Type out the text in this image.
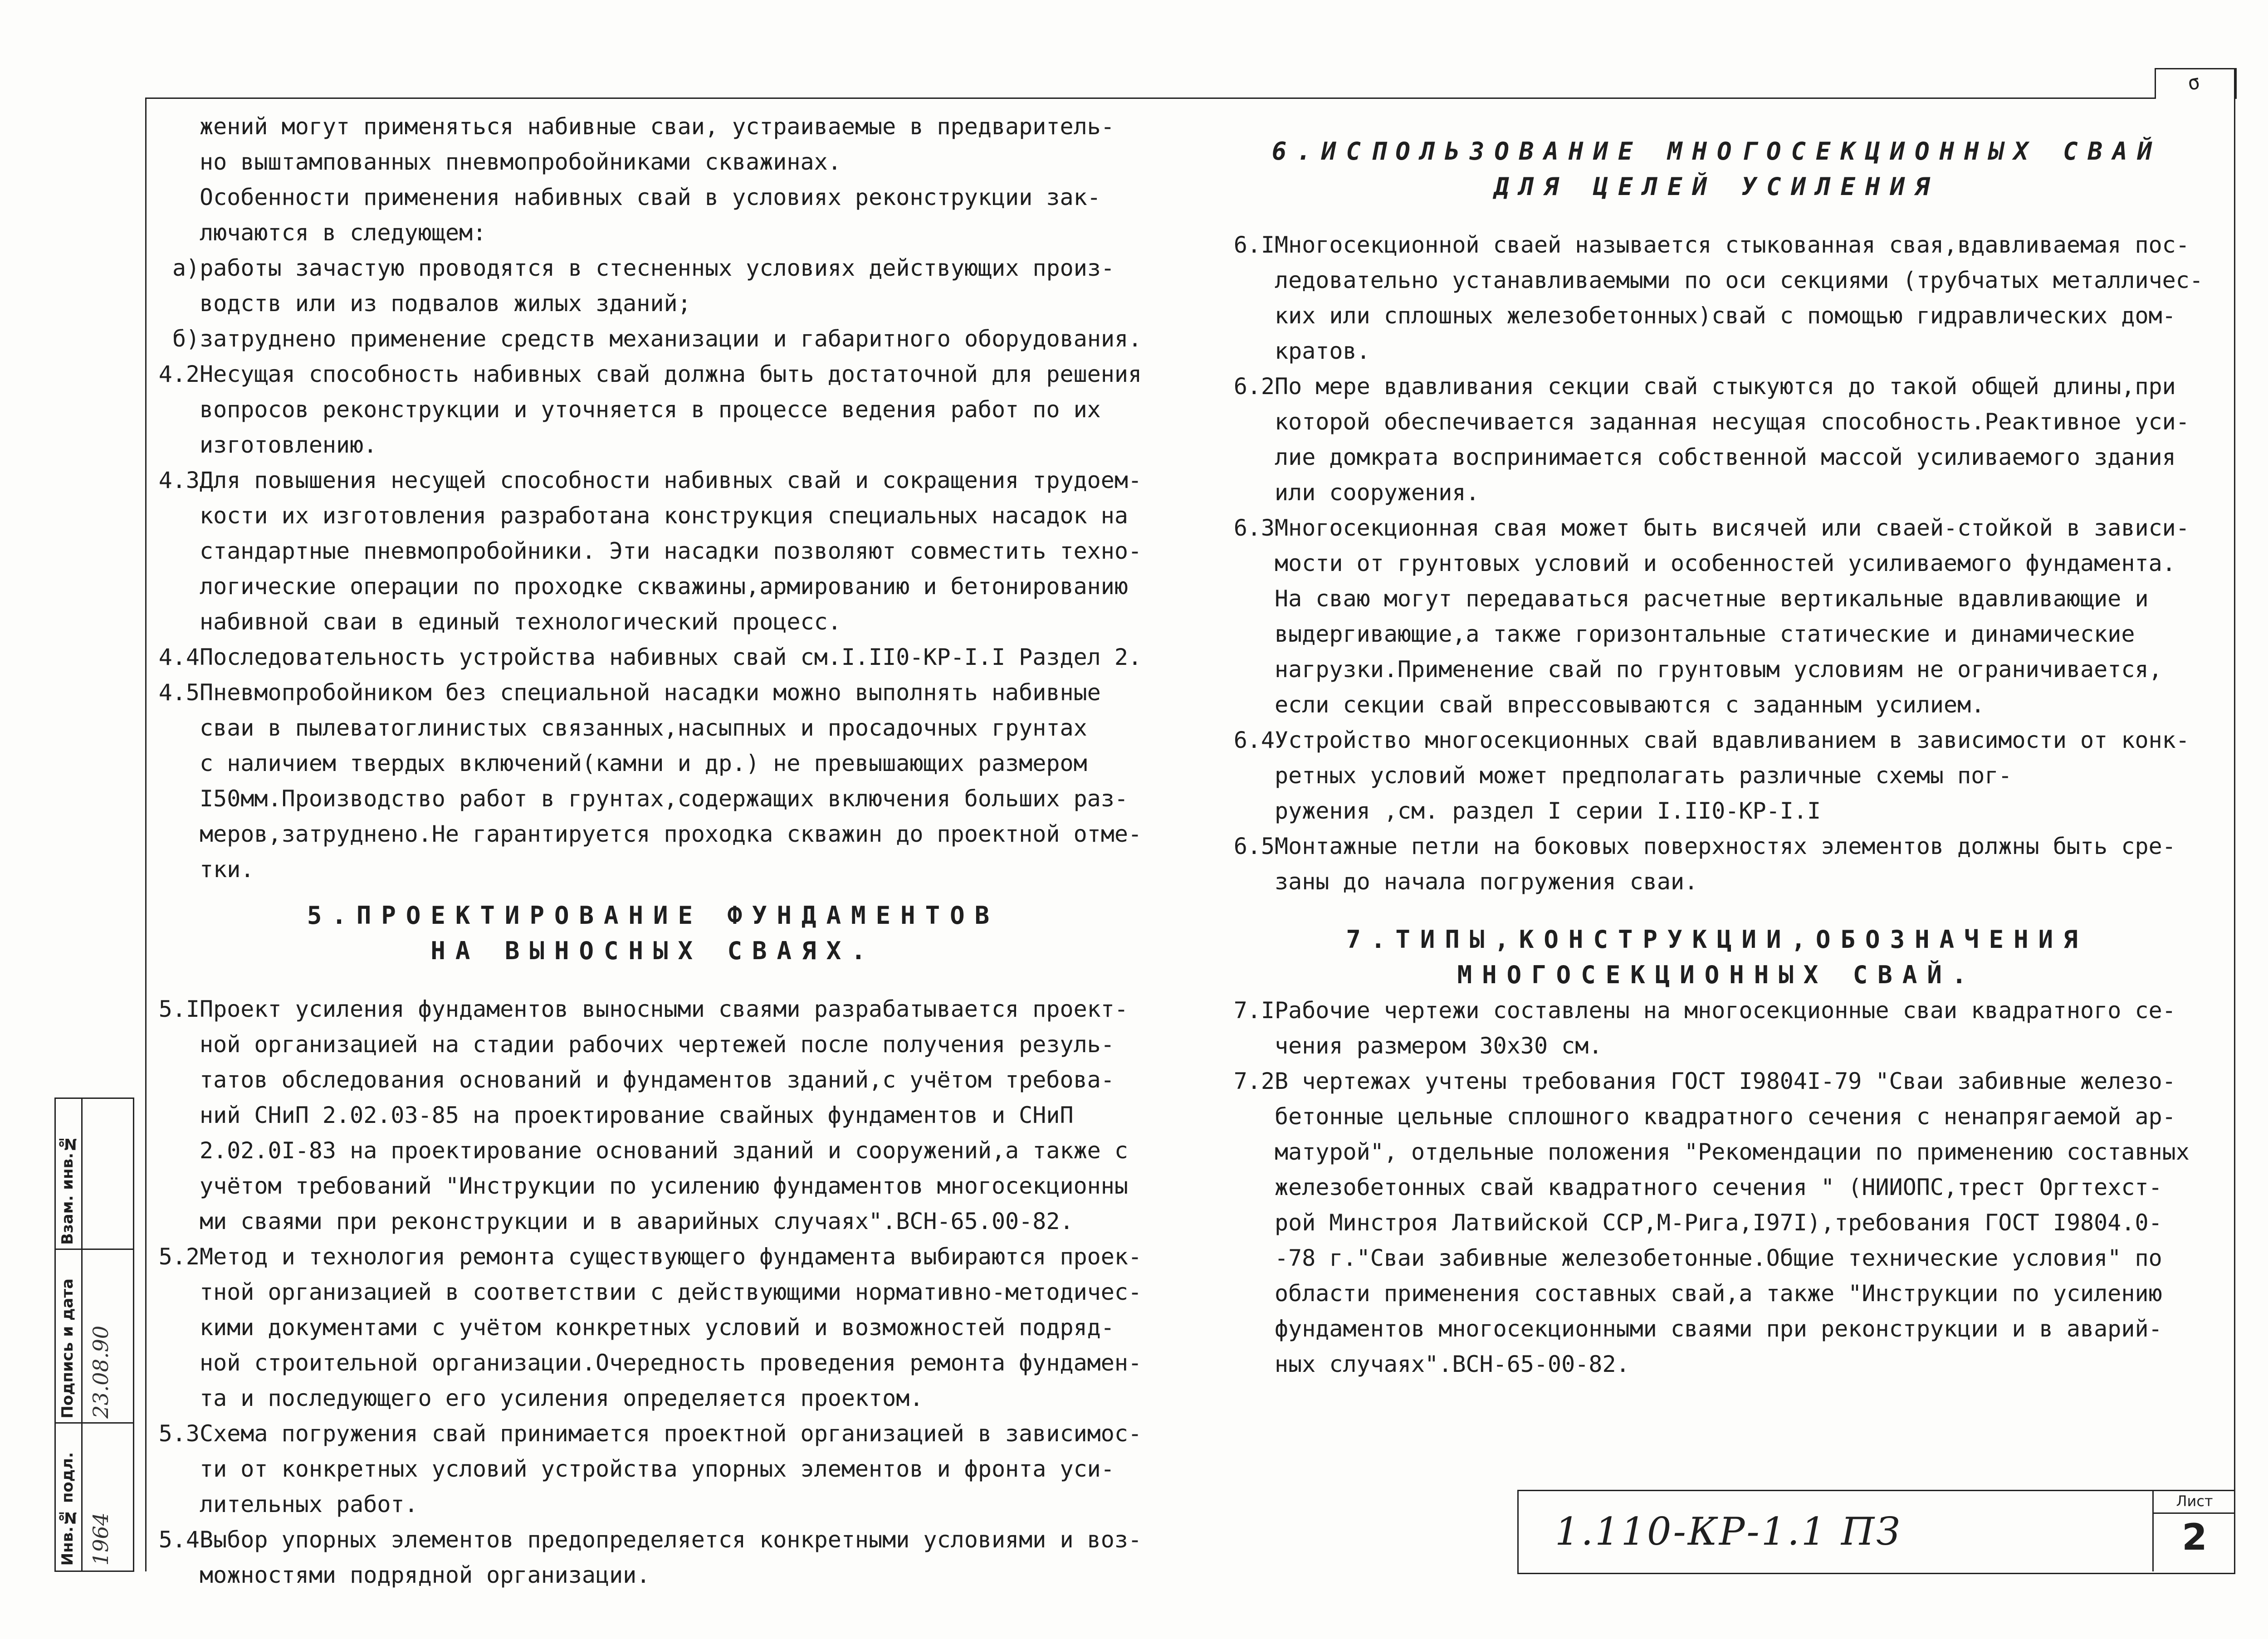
σ

жений могут применяться набивные сваи, устраиваемые в предваритель-

но выштампованных пневмопробойниками скважинах.

Особенности применения набивных свай в условиях реконструкции зак-

лючаются в следующем:

а)работы зачастую проводятся в стесненных условиях действующих произ-

водств или из подвалов жилых зданий;

б)затруднено применение средств механизации и габаритного оборудования.

4.2 Несущая способность набивных свай должна быть достаточной для решения

вопросов реконструкции и уточняется в процессе ведения работ по их

изготовлению.

4.3 Для повышения несущей способности набивных свай и сокращения трудоем-

кости их изготовления разработана конструкция специальных насадок на

стандартные пневмопробойники. Эти насадки позволяют совместить техно-

логические операции по проходке скважины,армированию и бетонированию

набивной сваи в единый технологический процесс.

4.4 Последовательность устройства набивных свай см.I.II0-КР-I.I Раздел 2.

4.5 Пневмопробойником без специальной насадки можно выполнять набивные

сваи в пылеватоглинистых связанных,насыпных и просадочных грунтах

с наличием твердых включений(камни и др.) не превышающих размером

I50мм.Производство работ в грунтах,содержащих включения больших раз-

меров,затруднено.Не гарантируется проходка скважин до проектной отме-

тки.

5.ПРОЕКТИРОВАНИЕ ФУНДАМЕНТОВ

НА ВЫНОСНЫХ СВАЯХ.

5.I Проект усиления фундаментов выносными сваями разрабатывается проект-

ной организацией на стадии рабочих чертежей после получения резуль-

татов обследования оснований и фундаментов зданий,с учётом требова-

ний СНиП 2.02.03-85 на проектирование свайных фундаментов и СНиП

2.02.0I-83 на проектирование оснований зданий и сооружений,а также с

учётом требований "Инструкции по усилению фундаментов многосекционны

ми сваями при реконструкции и в аварийных случаях".ВСН-65.00-82.

5.2 Метод и технология ремонта существующего фундамента выбираются проек-

тной организацией в соответствии с действующими нормативно-методичес-

кими документами с учётом конкретных условий и возможностей подряд-

ной строительной организации.Очередность проведения ремонта фундамен-

та и последующего его усиления определяется проектом.

5.3 Схема погружения свай принимается проектной организацией в зависимос-

ти от конкретных условий устройства упорных элементов и фронта уси-

лительных работ.

5.4 Выбор упорных элементов предопределяется конкретными условиями и воз-

можностями подрядной организации.

6.ИСПОЛЬЗОВАНИЕ МНОГОСЕКЦИОННЫХ СВАЙ

ДЛЯ ЦЕЛЕЙ УСИЛЕНИЯ

6.I Многосекционной сваей называется стыкованная свая,вдавливаемая пос-

ледовательно устанавливаемыми по оси секциями (трубчатых металличес-

ких или сплошных железобетонных)свай с помощью гидравлических дом-

кратов.

6.2 По мере вдавливания секции свай стыкуются до такой общей длины,при

которой обеспечивается заданная несущая способность.Реактивное уси-

лие домкрата воспринимается собственной массой усиливаемого здания

или сооружения.

6.3 Многосекционная свая может быть висячей или сваей-стойкой в зависи-

мости от грунтовых условий и особенностей усиливаемого фундамента.

На сваю могут передаваться расчетные вертикальные вдавливающие и

выдергивающие,а также горизонтальные статические и динамические

нагрузки.Применение свай по грунтовым условиям не ограничивается,

если секции свай впрессовываются с заданным усилием.

6.4 Устройство многосекционных свай вдавливанием в зависимости от конк-

ретных условий может предполагать различные схемы пог-

ружения ,см. раздел I серии I.II0-КР-I.I

6.5 Монтажные петли на боковых поверхностях элементов должны быть сре-

заны до начала погружения сваи.

7.ТИПЫ,КОНСТРУКЦИИ,ОБОЗНАЧЕНИЯ

МНОГОСЕКЦИОННЫХ СВАЙ.

7.I Рабочие чертежи составлены на многосекционные сваи квадратного се-

чения размером 30х30 см.

7.2 В чертежах учтены требования ГОСТ I9804I-79 "Сваи забивные железо-

бетонные цельные сплошного квадратного сечения с ненапрягаемой ар-

матурой", отдельные положения "Рекомендации по применению составных

железобетонных свай квадратного сечения " (НИИОПС,трест Оргтехст-

рой Минстроя Латвийской ССР,М-Рига,I97I),требования ГОСТ I9804.0-

-78 г."Сваи забивные железобетонные.Общие технические условия" по

области применения составных свай,а также "Инструкции по усилению

фундаментов многосекционными сваями при реконструкции и в аварий-

ных случаях".ВСН-65-00-82.

Взам. инв.№
Подпись и дата 23.08.90
Инв.№ подл. 1964	1.110-КР-1.1 ПЗ
Лист
2
